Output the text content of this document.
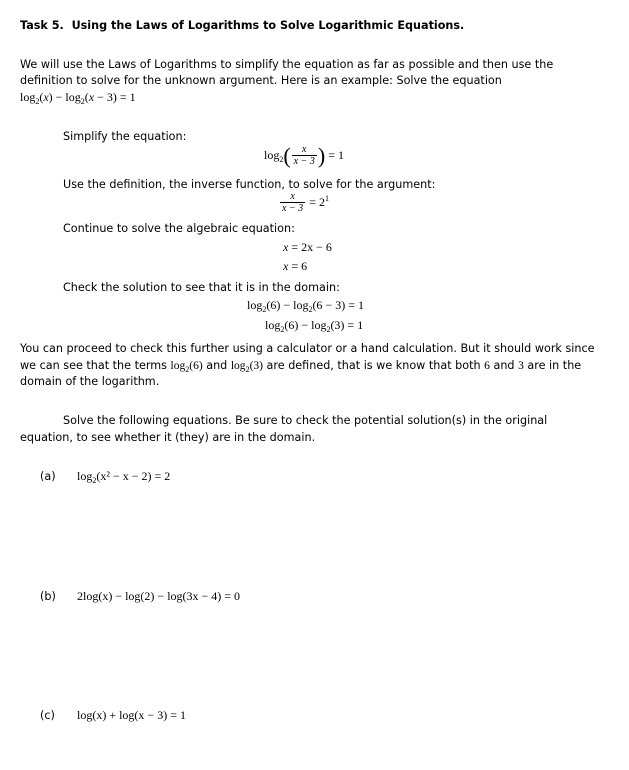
Task 5. Using the Laws of Logarithms to Solve Logarithmic Equations.
We will use the Laws of Logarithms to simplify the equation as far as possible and then use the
definition to solve for the unknown argument. Here is an example: Solve the equation
$\log_2(x) - \log_2(x - 3) = 1$
Simplify the equation:
$\log_2( \frac{x}{x - 3}$ ) = 1
Use the definition, the inverse function, to solve for the argument:
$\frac{x}{x - 3} = 2^1$
Continue to solve the algebraic equation:
x = 2x − 6
x = 6
Check the solution to see that it is in the domain:
$\log_2(6) - \log_2(6 - 3) = 1$
$\log_2(6) - \log_2(3) = 1$
You can proceed to check this further using a calculator or a hand calculation. But it should work since
we can see that the terms $\log_2(6)$ and $\log_2(3)$ are defined, that is we know that both 6 and 3 are in the
domain of the logarithm.
Solve the following equations. Be sure to check the potential solution(s) in the original
equation, to see whether it (they) are in the domain.
(a) $\log_2(x^2 - x - 2) = 2$
(b) 2log(x) − log(2) − log(3x − 4) = 0
(c) log(x) + log(x − 3) = 1
